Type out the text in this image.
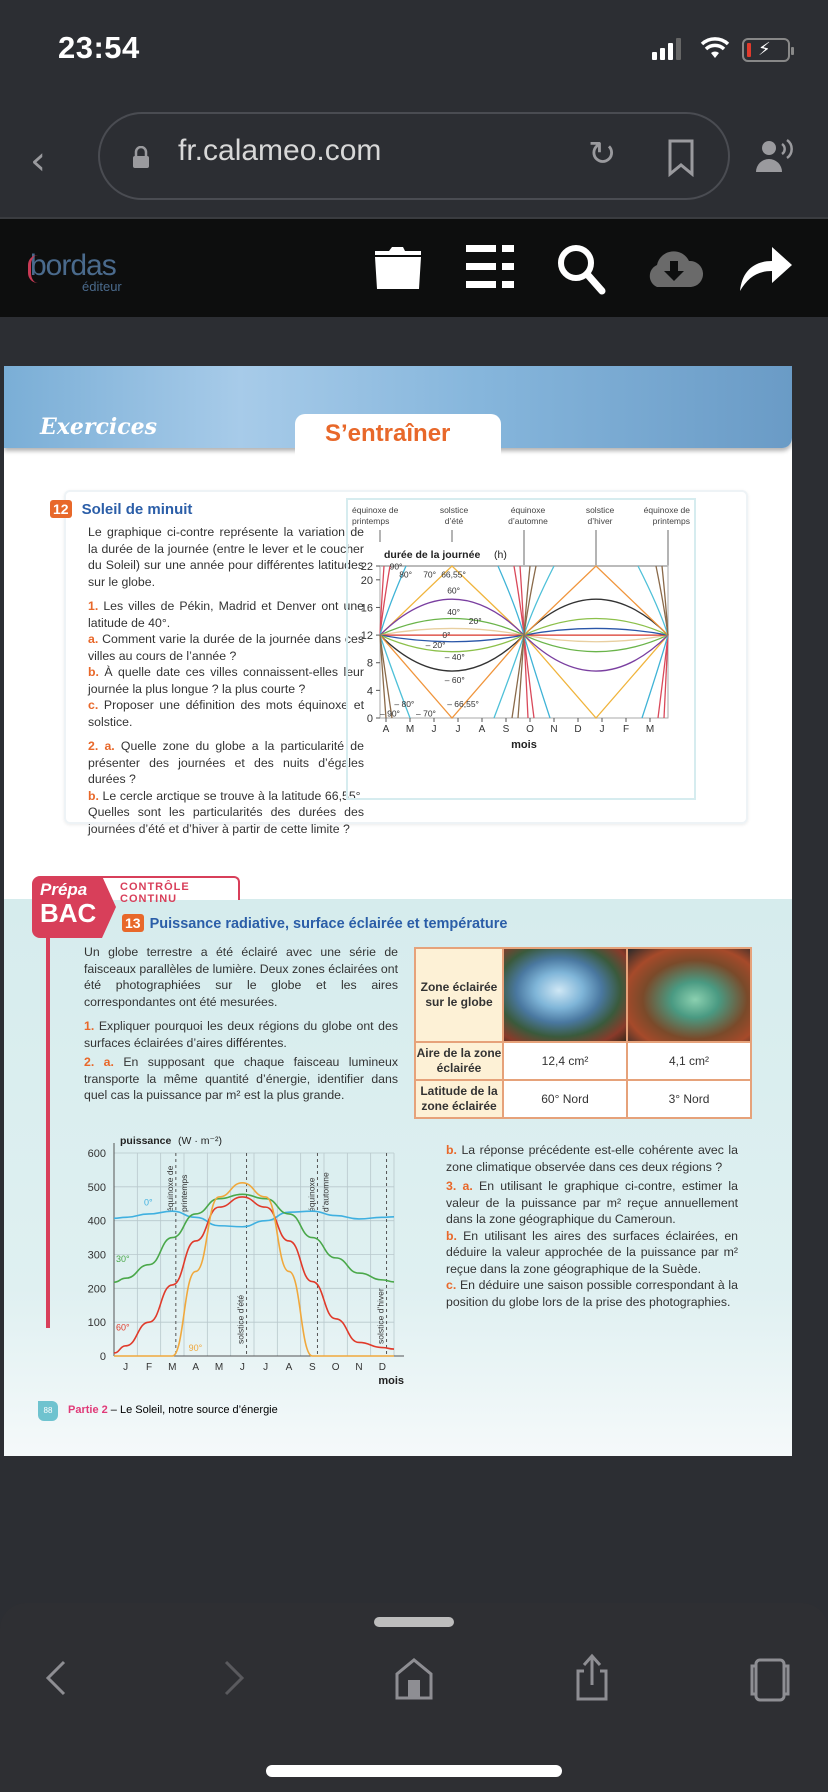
23:54	⚡
‹	fr.calameo.com	↻
bordas
éditeur
Exercices	S’entraîner
12 Soleil de minuit

Le graphique ci-contre représente la variation de la durée de la journée (entre le lever et le coucher du Soleil) sur une année pour différentes latitudes sur le globe.

1. Les villes de Pékin, Madrid et Denver ont une latitude de 40°.

a. Comment varie la durée de la journée dans ces villes au cours de l’année ?

b. À quelle date ces villes connaissent-elles leur journée la plus longue ? la plus courte ?

c. Proposer une définition des mots équinoxe et solstice.

2. a. Quelle zone du globe a la particularité de présenter des journées et des nuits d’égales durées ?

b. Le cercle arctique se trouve à la latitude 66,55°. Quelles sont les particularités des durées des journées d’été et d’hiver à partir de cette limite ?

équinoxe de
printemps
solstice
d’été
équinoxe
d’automne
solstice
d’hiver
équinoxe de
printemps
durée de la journée (h)
0
4
8
12
16
20
22
A M J J A S O N D J F M
mois
90°
80° 70° 66,55°
60°
40°
20°
0°
– 20°
– 40°
– 60°
– 66,55°
– 70°
– 80°
– 90°
CONTRÔLE CONTINU
Prépa
BAC 13 Puissance radiative, surface éclairée et température

Un globe terrestre a été éclairé avec une série de faisceaux parallèles de lumière. Deux zones éclairées ont été photographiées sur le globe et les aires correspondantes ont été mesurées.

1. Expliquer pourquoi les deux régions du globe ont des surfaces éclairées d’aires différentes.

2. a. En supposant que chaque faisceau lumineux transporte la même quantité d’énergie, identifier dans quel cas la puissance par m² est la plus grande.

Zone éclairée sur le globe	

Aire de la zone éclairée	12,4 cm²	4,1 cm²
Latitude de la zone éclairée	60° Nord	3° Nord
puissance (W · m⁻²)
0
100
200
300
400
500
600
J F M A M J J A S O N D
mois
équinoxe de printemps
solstice d’été
équinoxe d’automne
solstice d’hiver
0°
30°
60°
90°

b. La réponse précédente est-elle cohérente avec la zone climatique observée dans ces deux régions ?

3. a. En utilisant le graphique ci-contre, estimer la valeur de la puissance par m² reçue annuellement dans la zone géographique du Cameroun.

b. En utilisant les aires des surfaces éclairées, en déduire la valeur approchée de la puissance par m² reçue dans la zone géographique de la Suède.

c. En déduire une saison possible correspondant à la position du globe lors de la prise des photographies.

88 Partie 2 – Le Soleil, notre source d’énergie
